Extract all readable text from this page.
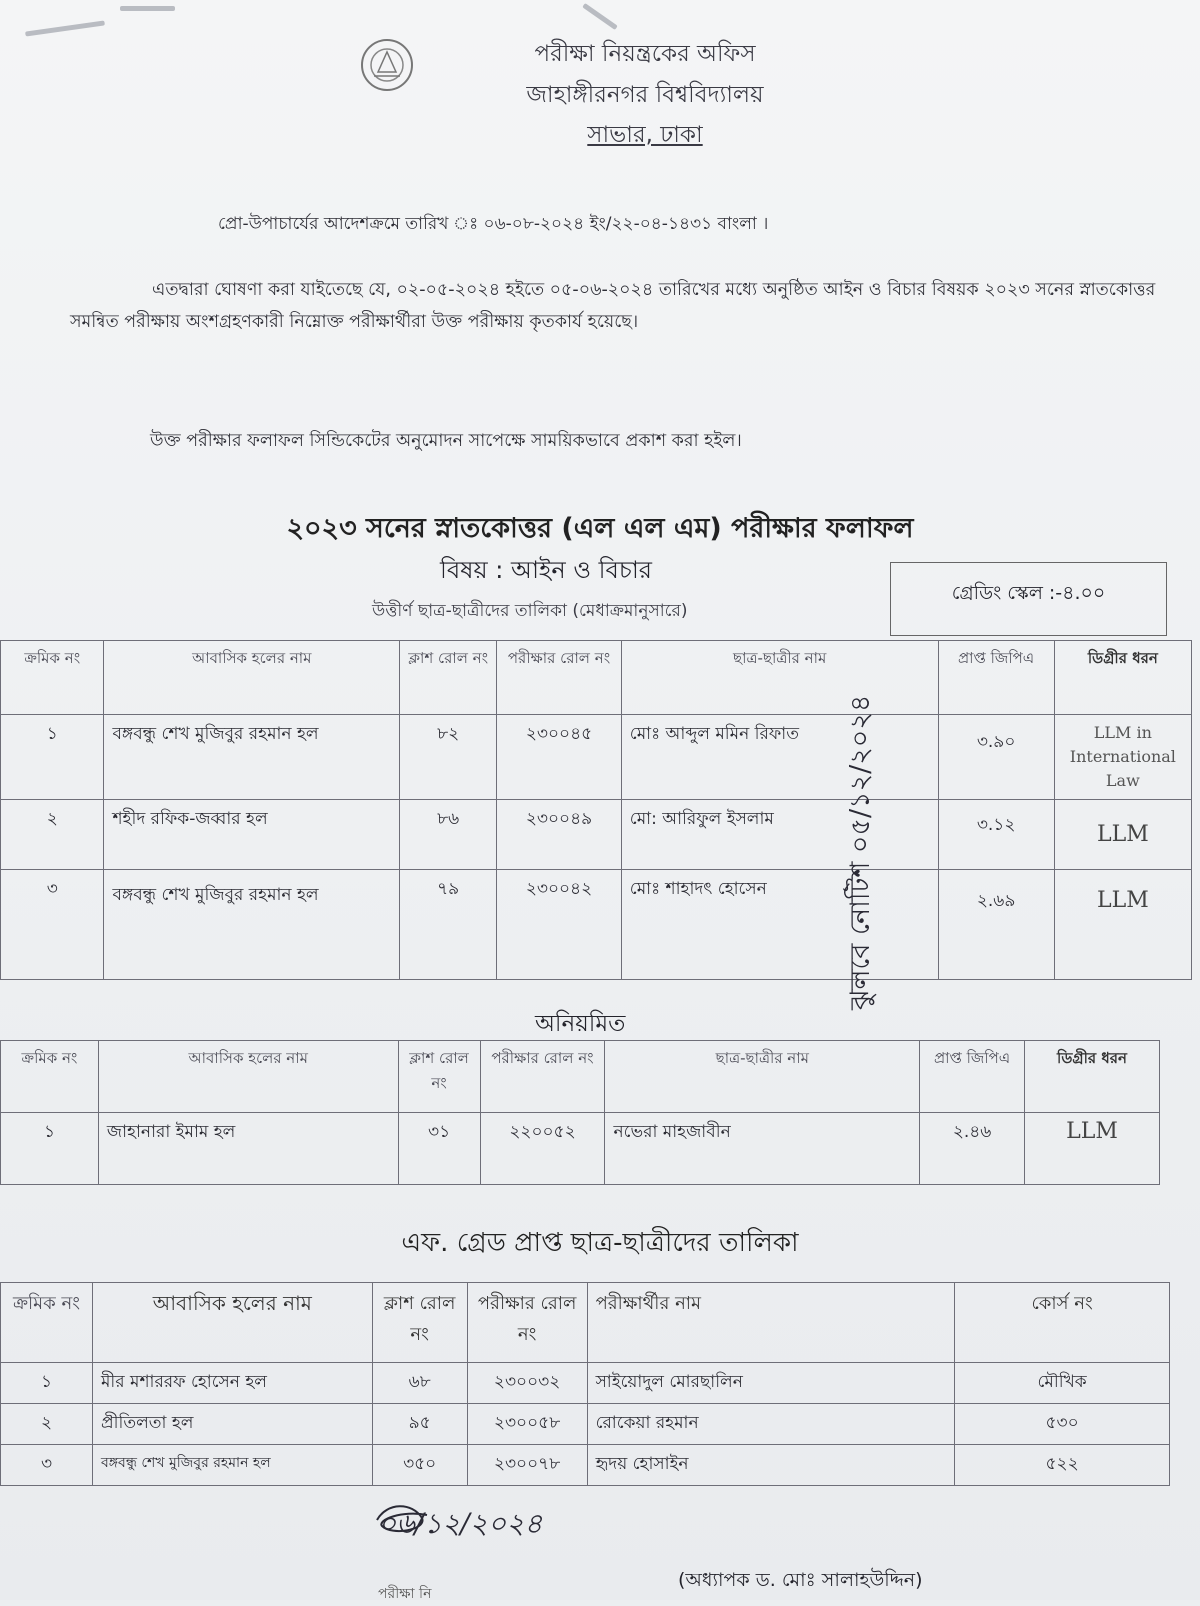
পরীক্ষা নিয়ন্ত্রকের অফিস
জাহাঙ্গীরনগর বিশ্ববিদ্যালয়
সাভার, ঢাকা
প্রো-উপাচার্যের আদেশক্রমে তারিখ ঃ ০৬-০৮-২০২৪ ইং/২২-০৪-১৪৩১ বাংলা ।
এতদ্বারা ঘোষণা করা যাইতেছে যে, ০২-০৫-২০২৪ হইতে ০৫-০৬-২০২৪ তারিখের মধ্যে অনুষ্ঠিত আইন ও বিচার বিষয়ক ২০২৩ সনের স্নাতকোত্তর সমন্বিত পরীক্ষায় অংশগ্রহণকারী নিম্নোক্ত পরীক্ষার্থীরা উক্ত পরীক্ষায় কৃতকার্য হয়েছে।
উক্ত পরীক্ষার ফলাফল সিন্ডিকেটের অনুমোদন সাপেক্ষে সাময়িকভাবে প্রকাশ করা হইল।
২০২৩ সনের স্নাতকোত্তর (এল এল এম) পরীক্ষার ফলাফল
বিষয় : আইন ও বিচার
উত্তীর্ণ ছাত্র-ছাত্রীদের তালিকা (মেধাক্রমানুসারে)
গ্রেডিং স্কেল :-৪.০০
ক্রমিক নং	আবাসিক হলের নাম	ক্লাশ রোল নং	পরীক্ষার রোল নং	ছাত্র-ছাত্রীর নাম	প্রাপ্ত জিপিএ	ডিগ্রীর ধরন
১	বঙ্গবন্ধু শেখ মুজিবুর রহমান হল	৮২	২৩০০৪৫	মোঃ আব্দুল মমিন রিফাত	৩.৯০	LLM in International Law
২	শহীদ রফিক-জব্বার হল	৮৬	২৩০০৪৯	মো: আরিফুল ইসলাম	৩.১২	LLM
৩	বঙ্গবন্ধু শেখ মুজিবুর রহমান হল	৭৯	২৩০০৪২	মোঃ শাহাদৎ হোসেন	২.৬৯	LLM
ঝুলবে নোটিশ ০৫/১২/২০২৪
অনিয়মিত
ক্রমিক নং	আবাসিক হলের নাম	ক্লাশ রোল নং	পরীক্ষার রোল নং	ছাত্র-ছাত্রীর নাম	প্রাপ্ত জিপিএ	ডিগ্রীর ধরন
১	জাহানারা ইমাম হল	৩১	২২০০৫২	নভেরা মাহজাবীন	২.৪৬	LLM
এফ. গ্রেড প্রাপ্ত ছাত্র-ছাত্রীদের তালিকা
ক্রমিক নং	আবাসিক হলের নাম	ক্লাশ রোল নং	পরীক্ষার রোল নং	পরীক্ষার্থীর নাম	কোর্স নং
১	মীর মশাররফ হোসেন হল	৬৮	২৩০০৩২	সাইয়োদুল মোরছালিন	মৌখিক
২	প্রীতিলতা হল	৯৫	২৩০০৫৮	রোকেয়া রহমান	৫৩০
৩	বঙ্গবন্ধু শেখ মুজিবুর রহমান হল	৩৫০	২৩০০৭৮	হৃদয় হোসাইন	৫২২
০৬/১২/২০২৪
(অধ্যাপক ড. মোঃ সালাহউদ্দিন)
পরীক্ষা নি
